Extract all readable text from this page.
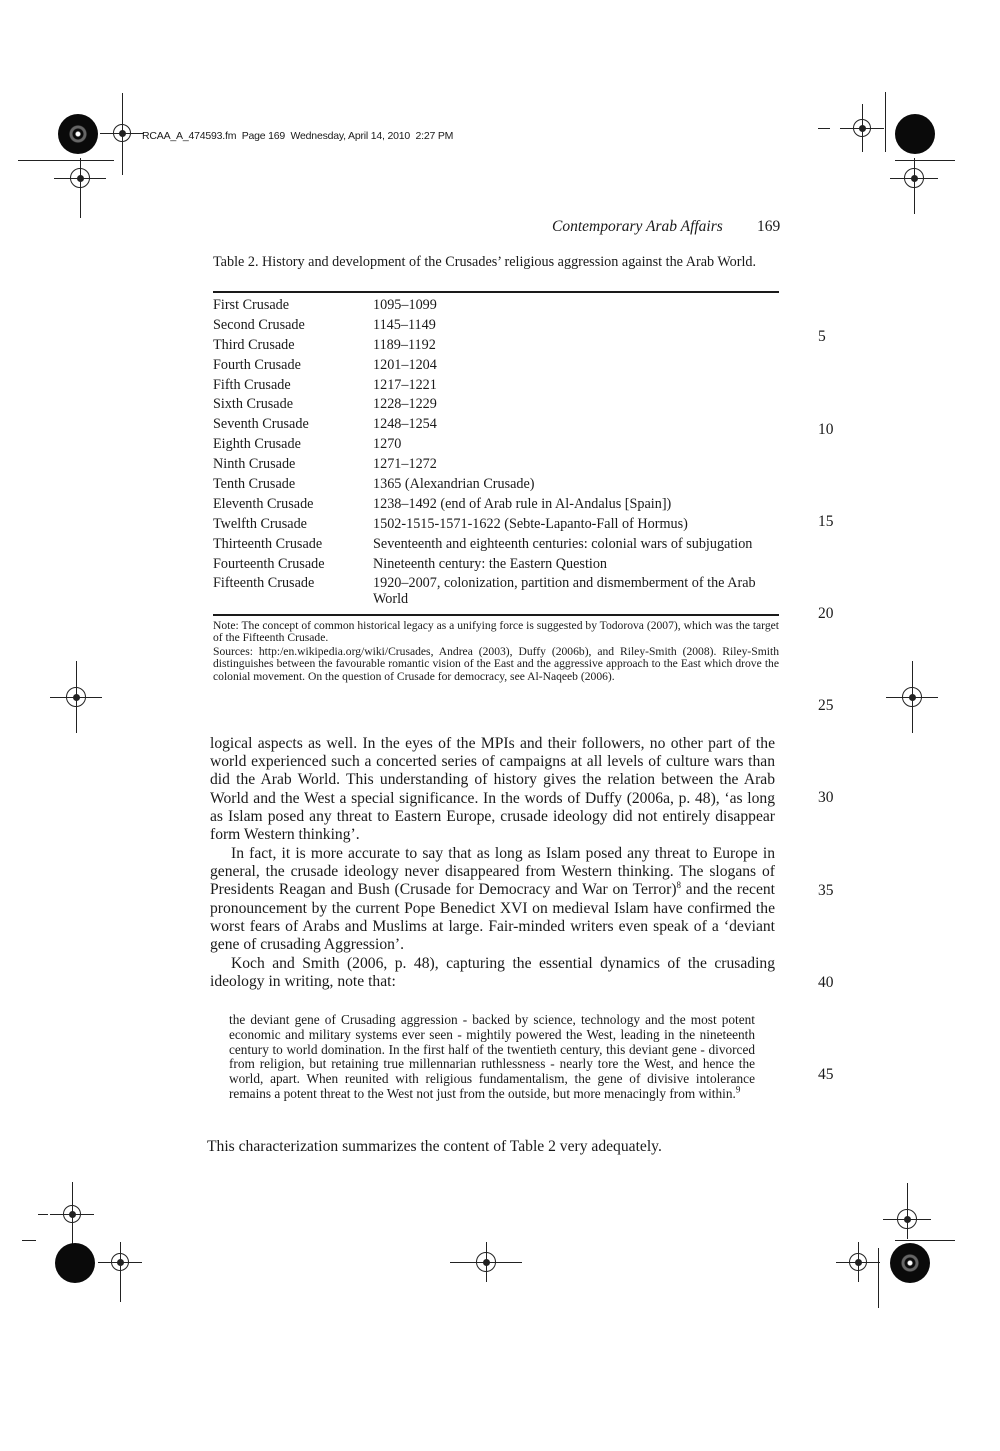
RCAA_A_474593.fm  Page 169  Wednesday, April 14, 2010  2:27 PM
Contemporary Arab Affairs 169
Table 2. History and development of the Crusades’ religious aggression against the Arab World.
First Crusade	1095–1099
Second Crusade	1145–1149
Third Crusade	1189–1192
Fourth Crusade	1201–1204
Fifth Crusade	1217–1221
Sixth Crusade	1228–1229
Seventh Crusade	1248–1254
Eighth Crusade	1270
Ninth Crusade	1271–1272
Tenth Crusade	1365 (Alexandrian Crusade)
Eleventh Crusade	1238–1492 (end of Arab rule in Al-Andalus [Spain])
Twelfth Crusade	1502-1515-1571-1622 (Sebte-Lapanto-Fall of Hormus)
Thirteenth Crusade	Seventeenth and eighteenth centuries: colonial wars of subjugation
Fourteenth Crusade	Nineteenth century: the Eastern Question
Fifteenth Crusade	1920–2007, colonization, partition and dismemberment of the Arab World
Note: The concept of common historical legacy as a unifying force is suggested by Todorova (2007), which was the target of the Fifteenth Crusade.
Sources: http:/en.wikipedia.org/wiki/Crusades, Andrea (2003), Duffy (2006b), and Riley-Smith (2008). Riley-Smith distinguishes between the favourable romantic vision of the East and the aggressive approach to the East which drove the colonial movement. On the question of Crusade for democracy, see Al-Naqeeb (2006).
5
10
15
20
25
30
35
40
45
logical aspects as well. In the eyes of the MPIs and their followers, no other part of the world experienced such a concerted series of campaigns at all levels of culture wars than did the Arab World. This understanding of history gives the relation between the Arab World and the West a special significance. In the words of Duffy (2006a, p. 48), ‘as long as Islam posed any threat to Eastern Europe, crusade ideology did not entirely disappear form Western thinking’.
In fact, it is more accurate to say that as long as Islam posed any threat to Europe in general, the crusade ideology never disappeared from Western thinking. The slogans of Presidents Reagan and Bush (Crusade for Democracy and War on Terror)$^8$ and the recent pronouncement by the current Pope Benedict XVI on medieval Islam have confirmed the worst fears of Arabs and Muslims at large. Fair-minded writers even speak of a ‘deviant gene of crusading Aggression’.
Koch and Smith (2006, p. 48), capturing the essential dynamics of the crusading ideology in writing, note that:
the deviant gene of Crusading aggression - backed by science, technology and the most potent economic and military systems ever seen - mightily powered the West, leading in the nineteenth century to world domination. In the first half of the twentieth century, this deviant gene - divorced from religion, but retaining true millennarian ruthlessness - nearly tore the West, and hence the world, apart. When reunited with religious fundamentalism, the gene of divisive intolerance remains a potent threat to the West not just from the outside, but more menacingly from within.$^9$
This characterization summarizes the content of Table 2 very adequately.
